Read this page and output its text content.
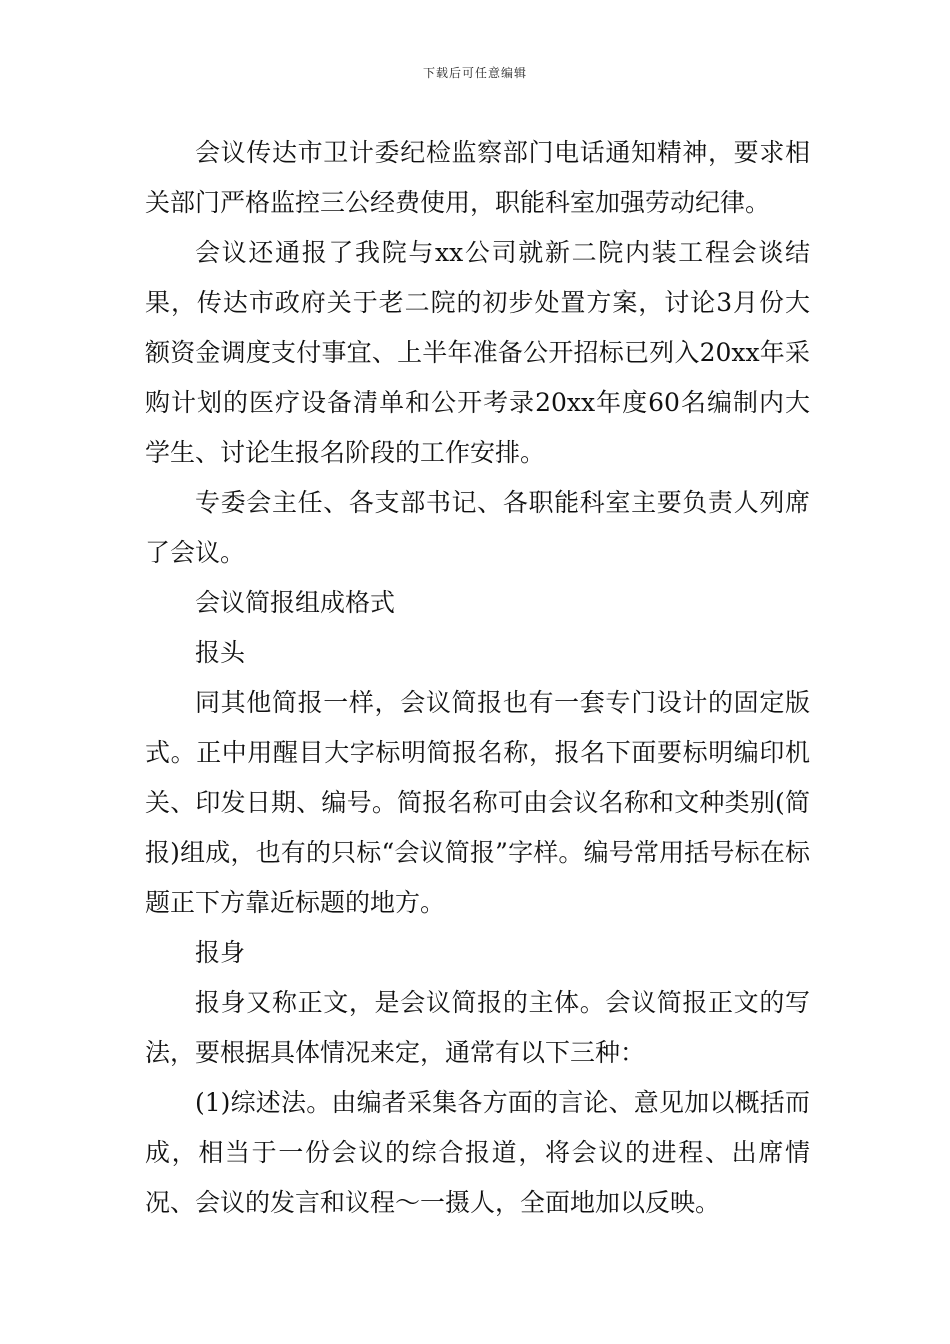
下载后可任意编辑

会议传达市卫计委纪检监察部门电话通知精神，要求相关部门严格监控三公经费使用，职能科室加强劳动纪律。

会议还通报了我院与xx公司就新二院内装工程会谈结果，传达市政府关于老二院的初步处置方案，讨论3月份大额资金调度支付事宜、上半年准备公开招标已列入20xx年采购计划的医疗设备清单和公开考录20xx年度60名编制内大学生、讨论生报名阶段的工作安排。

专委会主任、各支部书记、各职能科室主要负责人列席了会议。

会议简报组成格式

报头

同其他简报一样，会议简报也有一套专门设计的固定版式。正中用醒目大字标明简报名称，报名下面要标明编印机关、印发日期、编号。简报名称可由会议名称和文种类别(简报)组成，也有的只标“会议简报”字样。编号常用括号标在标题正下方靠近标题的地方。

报身

报身又称正文，是会议简报的主体。会议简报正文的写法，要根据具体情况来定，通常有以下三种：

(1)综述法。由编者采集各方面的言论、意见加以概括而成，相当于一份会议的综合报道，将会议的进程、出席情况、会议的发言和议程～一摄人，全面地加以反映。
